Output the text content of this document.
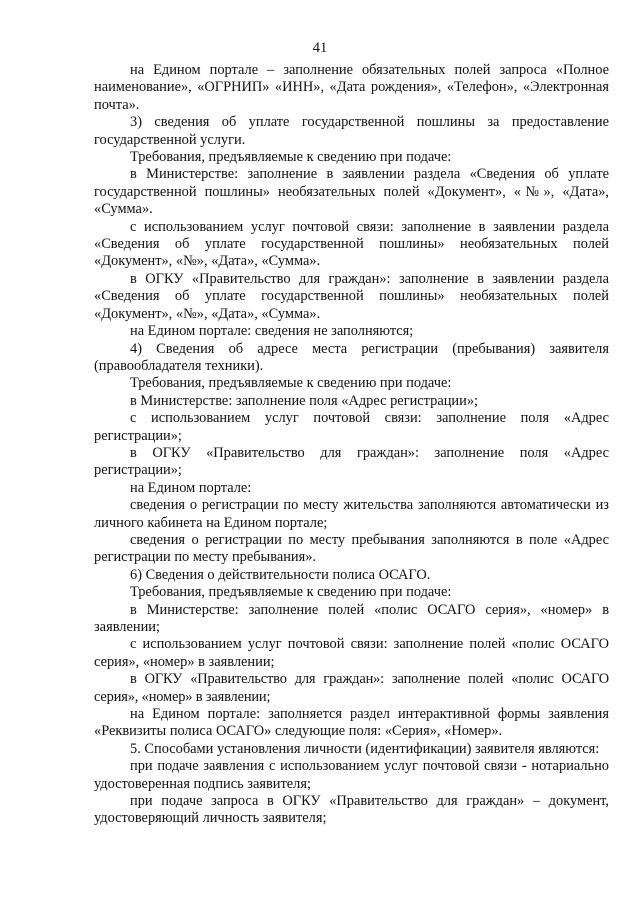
41
на Едином портале – заполнение обязательных полей запроса «Полное наименование», «ОГРНИП» «ИНН», «Дата рождения», «Телефон», «Электронная почта».
3) сведения об уплате государственной пошлины за предоставление государственной услуги.
Требования, предъявляемые к сведению при подаче:
в Министерстве: заполнение в заявлении раздела «Сведения об уплате государственной пошлины» необязательных полей «Документ», «№», «Дата», «Сумма».
с использованием услуг почтовой связи: заполнение в заявлении раздела «Сведения об уплате государственной пошлины» необязательных полей «Документ», «№», «Дата», «Сумма».
в ОГКУ «Правительство для граждан»: заполнение в заявлении раздела «Сведения об уплате государственной пошлины» необязательных полей «Документ», «№», «Дата», «Сумма».
на Едином портале: сведения не заполняются;
4) Сведения об адресе места регистрации (пребывания) заявителя (правообладателя техники).
Требования, предъявляемые к сведению при подаче:
в Министерстве: заполнение поля «Адрес регистрации»;
с использованием услуг почтовой связи: заполнение поля «Адрес регистрации»;
в ОГКУ «Правительство для граждан»: заполнение поля «Адрес регистрации»;
на Едином портале:
сведения о регистрации по месту жительства заполняются автоматически из личного кабинета на Едином портале;
сведения о регистрации по месту пребывания заполняются в поле «Адрес регистрации по месту пребывания».
6) Сведения о действительности полиса ОСАГО.
Требования, предъявляемые к сведению при подаче:
в Министерстве: заполнение полей «полис ОСАГО серия», «номер» в заявлении;
с использованием услуг почтовой связи: заполнение полей «полис ОСАГО серия», «номер» в заявлении;
в ОГКУ «Правительство для граждан»: заполнение полей «полис ОСАГО серия», «номер» в заявлении;
на Едином портале: заполняется раздел интерактивной формы заявления «Реквизиты полиса ОСАГО» следующие поля: «Серия», «Номер».
5. Способами установления личности (идентификации) заявителя являются:
при подаче заявления с использованием услуг почтовой связи - нотариально удостоверенная подпись заявителя;
при подаче запроса в ОГКУ «Правительство для граждан» – документ, удостоверяющий личность заявителя;
